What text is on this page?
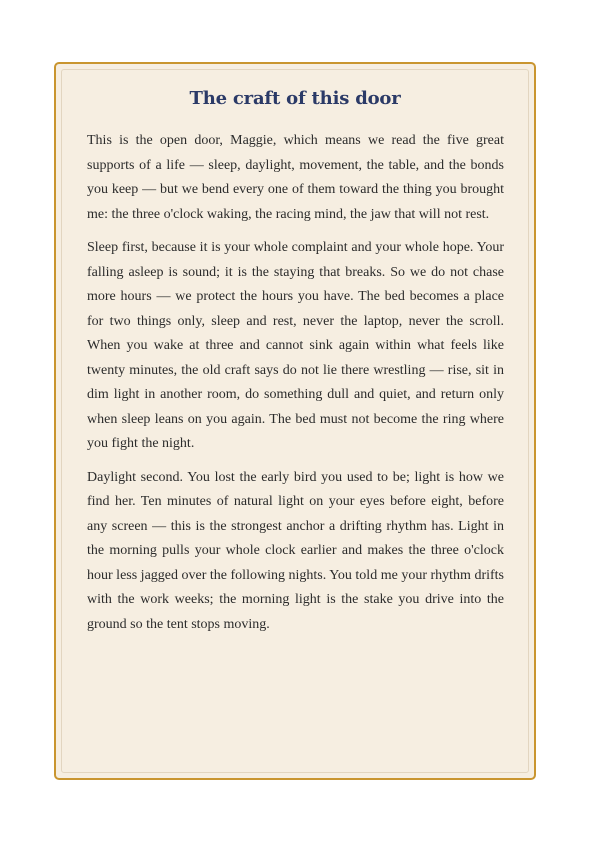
The craft of this door

This is the open door, Maggie, which means we read the five great supports of a life — sleep, daylight, movement, the table, and the bonds you keep — but we bend every one of them toward the thing you brought me: the three o'clock waking, the racing mind, the jaw that will not rest.

Sleep first, because it is your whole complaint and your whole hope. Your falling asleep is sound; it is the staying that breaks. So we do not chase more hours — we protect the hours you have. The bed becomes a place for two things only, sleep and rest, never the laptop, never the scroll. When you wake at three and cannot sink again within what feels like twenty minutes, the old craft says do not lie there wrestling — rise, sit in dim light in another room, do something dull and quiet, and return only when sleep leans on you again. The bed must not become the ring where you fight the night.

Daylight second. You lost the early bird you used to be; light is how we find her. Ten minutes of natural light on your eyes before eight, before any screen — this is the strongest anchor a drifting rhythm has. Light in the morning pulls your whole clock earlier and makes the three o'clock hour less jagged over the following nights. You told me your rhythm drifts with the work weeks; the morning light is the stake you drive into the ground so the tent stops moving.
